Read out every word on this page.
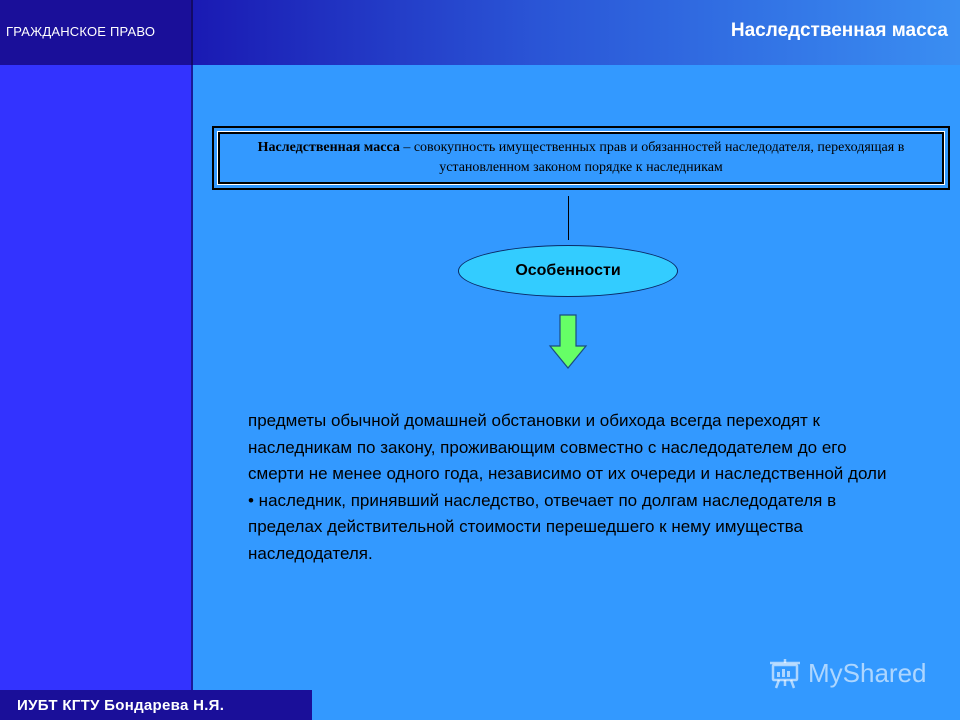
ГРАЖДАНСКОЕ ПРАВО	Наследственная масса
Наследственная масса – совокупность имущественных прав и обязанностей наследодателя, переходящая в установленном законом порядке к наследникам
Особенности

предметы обычной домашней обстановки и обихода всегда переходят к наследникам по закону, проживающим совместно с наследодателем до его смерти не менее одного года, независимо от их очереди и наследственной доли

• наследник, принявший наследство, отвечает по долгам наследодателя в пределах действительной стоимости перешедшего к нему имущества наследодателя.

ИУБТ КГТУ Бондарева Н.Я.
MyShared
